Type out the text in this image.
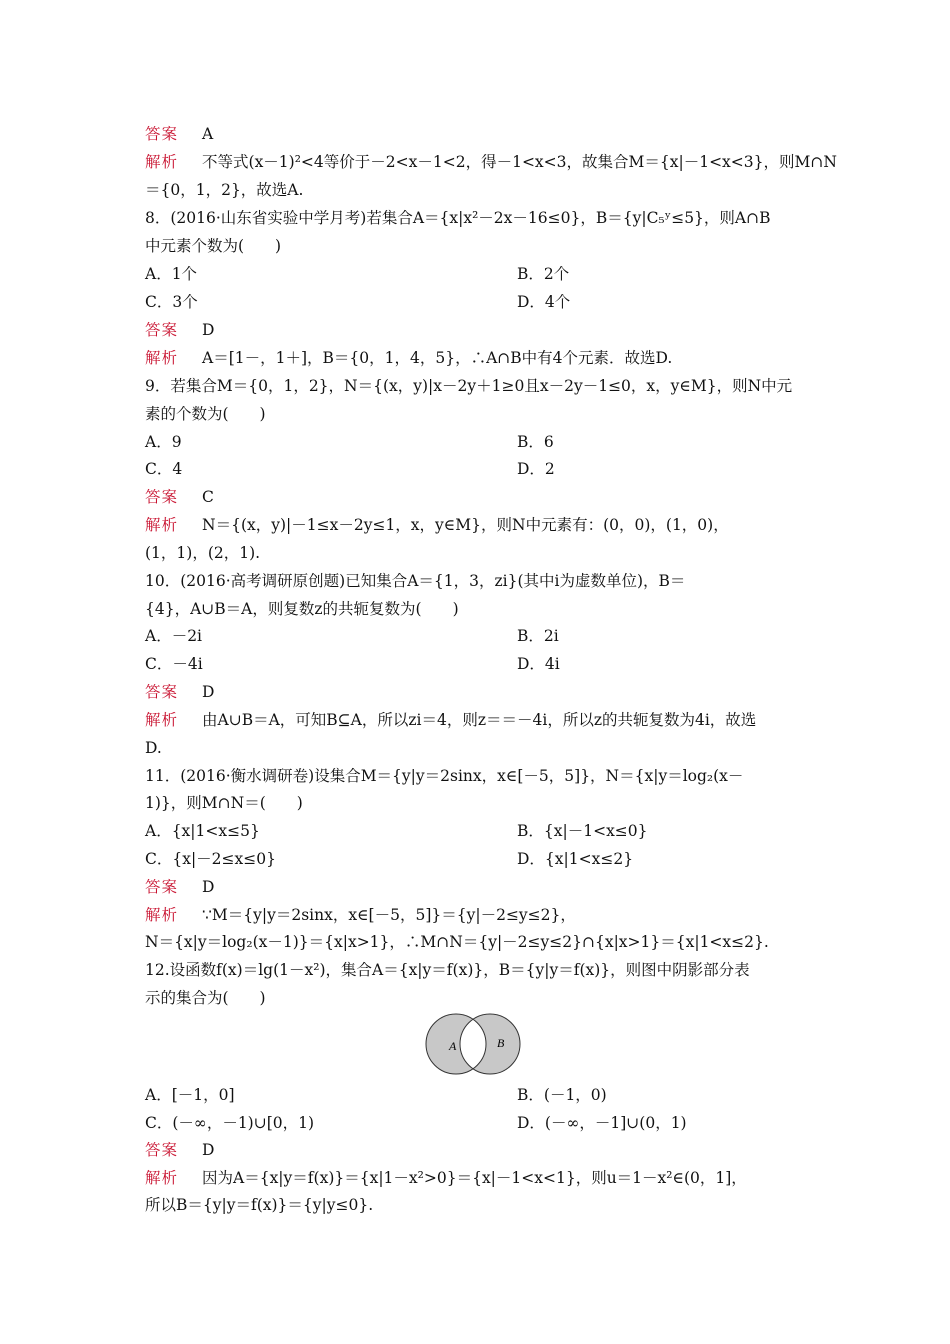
答案 A
解析 不等式(x－1)²<4等价于－2<x－1<2，得－1<x<3，故集合M＝{x|－1<x<3}，则M∩N
＝{0，1，2}，故选A.
8．(2016·山东省实验中学月考)若集合A＝{x|x²－2x－16≤0}，B＝{y|C₅ʸ≤5}，则A∩B
中元素个数为(　　)
A．1个	B．2个
C．3个	D．4个
答案 D
解析 A＝[1－，1＋]，B＝{0，1，4，5}，∴A∩B中有4个元素．故选D.
9．若集合M＝{0，1，2}，N＝{(x，y)|x－2y＋1≥0且x－2y－1≤0，x，y∈M}，则N中元
素的个数为(　　)
A．9	B．6
C．4	D．2
答案 C
解析 N＝{(x，y)|－1≤x－2y≤1，x，y∈M}，则N中元素有：(0，0)，(1，0)，
(1，1)，(2，1).
10．(2016·高考调研原创题)已知集合A＝{1，3，zi}(其中i为虚数单位)，B＝
{4}，A∪B＝A，则复数z的共轭复数为(　　)
A．－2i	B．2i
C．－4i	D．4i
答案 D
解析 由A∪B＝A，可知B⊆A，所以zi＝4，则z＝＝－4i，所以z的共轭复数为4i，故选
D.
11．(2016·衡水调研卷)设集合M＝{y|y＝2sinx，x∈[－5，5]}，N＝{x|y＝log₂(x－
1)}，则M∩N＝(　　)
A．{x|1<x≤5}	B．{x|－1<x≤0}
C．{x|－2≤x≤0}	D．{x|1<x≤2}
答案 D
解析 ∵M＝{y|y＝2sinx，x∈[－5，5]}＝{y|－2≤y≤2}，
N＝{x|y＝log₂(x－1)}＝{x|x>1}，∴M∩N＝{y|－2≤y≤2}∩{x|x>1}＝{x|1<x≤2}.
12.设函数f(x)＝lg(1－x²)，集合A＝{x|y＝f(x)}，B＝{y|y＝f(x)}，则图中阴影部分表
示的集合为(　　)
A	B
A．[－1，0]	B．(－1，0)
C．(－∞，－1)∪[0，1)	D．(－∞，－1]∪(0，1)
答案 D
解析 因为A＝{x|y＝f(x)}＝{x|1－x²>0}＝{x|－1<x<1}，则u＝1－x²∈(0，1]，
所以B＝{y|y＝f(x)}＝{y|y≤0}.
